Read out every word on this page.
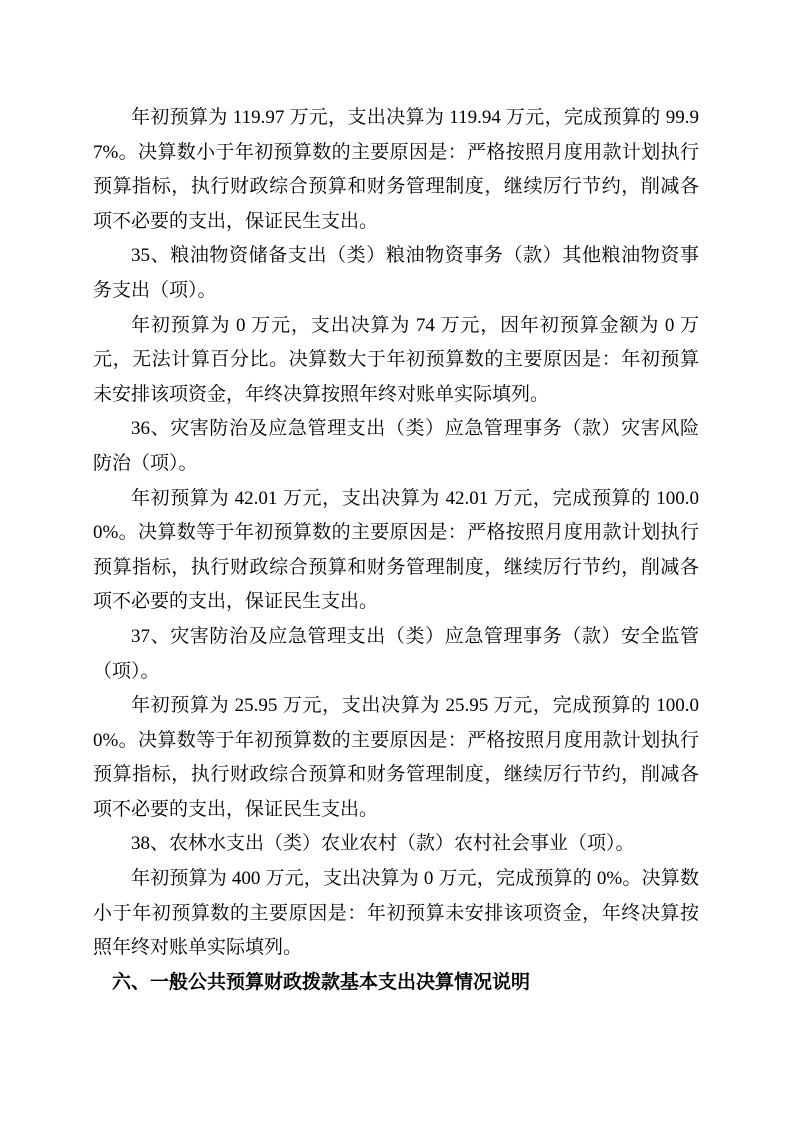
年初预算为 119.97 万元，支出决算为 119.94 万元，完成预算的 99.97%。决算数小于年初预算数的主要原因是：严格按照月度用款计划执行预算指标，执行财政综合预算和财务管理制度，继续厉行节约，削减各项不必要的支出，保证民生支出。

35、粮油物资储备支出（类）粮油物资事务（款）其他粮油物资事务支出（项）。

年初预算为 0 万元，支出决算为 74 万元，因年初预算金额为 0 万元，无法计算百分比。决算数大于年初预算数的主要原因是：年初预算未安排该项资金，年终决算按照年终对账单实际填列。

36、灾害防治及应急管理支出（类）应急管理事务（款）灾害风险防治（项）。

年初预算为 42.01 万元，支出决算为 42.01 万元，完成预算的 100.00%。决算数等于年初预算数的主要原因是：严格按照月度用款计划执行预算指标，执行财政综合预算和财务管理制度，继续厉行节约，削减各项不必要的支出，保证民生支出。

37、灾害防治及应急管理支出（类）应急管理事务（款）安全监管（项）。

年初预算为 25.95 万元，支出决算为 25.95 万元，完成预算的 100.00%。决算数等于年初预算数的主要原因是：严格按照月度用款计划执行预算指标，执行财政综合预算和财务管理制度，继续厉行节约，削减各项不必要的支出，保证民生支出。

38、农林水支出（类）农业农村（款）农村社会事业（项）。

年初预算为 400 万元，支出决算为 0 万元，完成预算的 0%。决算数小于年初预算数的主要原因是：年初预算未安排该项资金，年终决算按照年终对账单实际填列。

六、一般公共预算财政拨款基本支出决算情况说明
